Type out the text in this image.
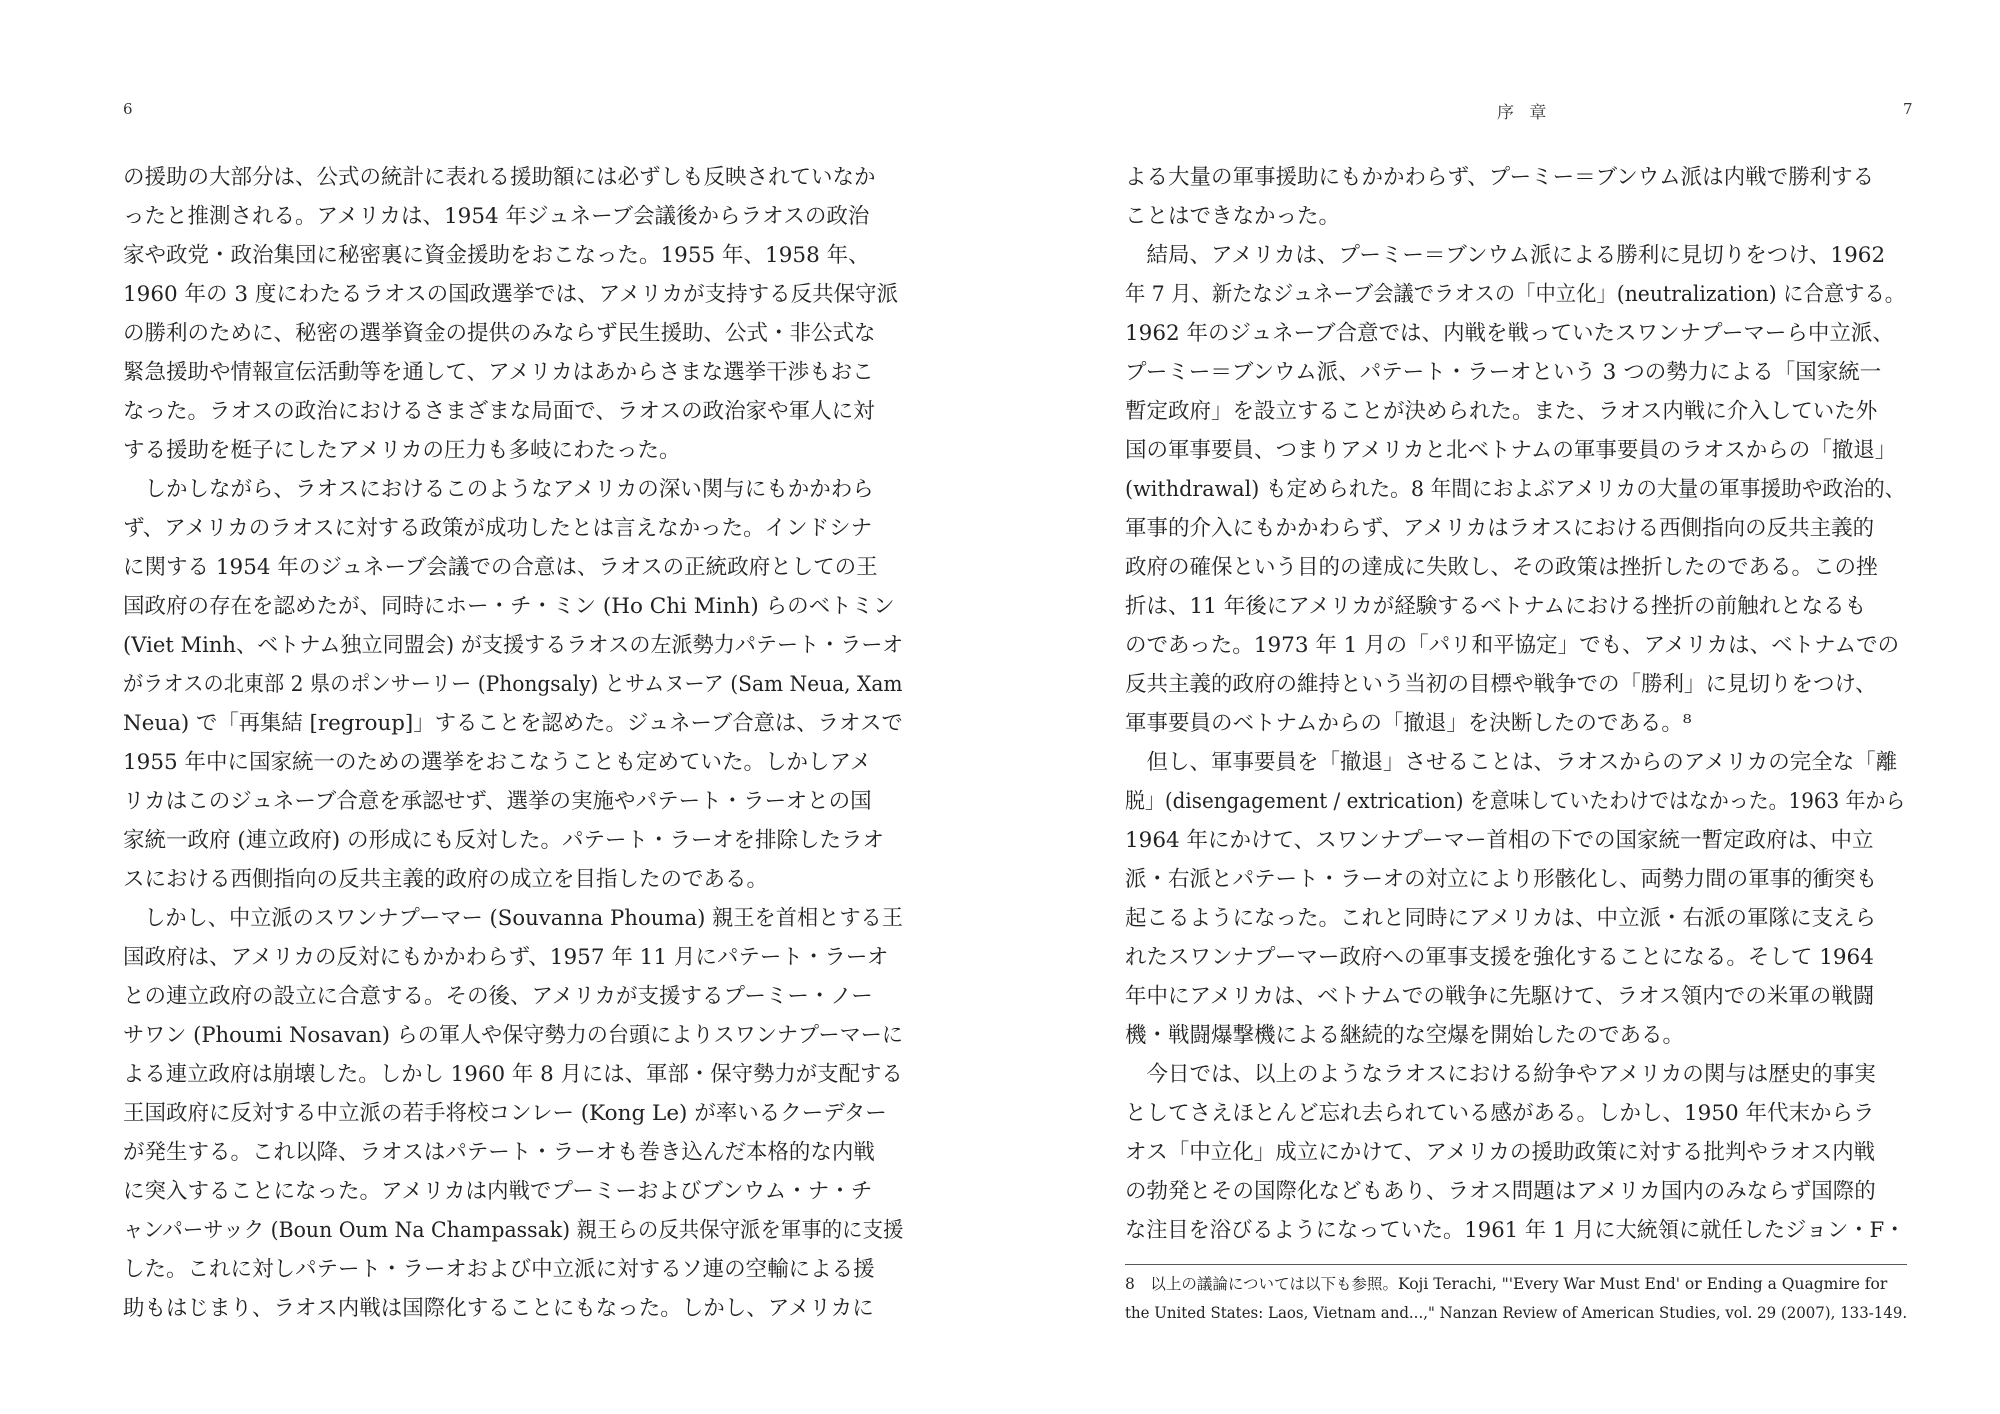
6
の援助の大部分は、公式の統計に表れる援助額には必ずしも反映されていなか
ったと推測される。アメリカは、1954 年ジュネーブ会議後からラオスの政治
家や政党・政治集団に秘密裏に資金援助をおこなった。1955 年、1958 年、
1960 年の 3 度にわたるラオスの国政選挙では、アメリカが支持する反共保守派
の勝利のために、秘密の選挙資金の提供のみならず民生援助、公式・非公式な
緊急援助や情報宣伝活動等を通して、アメリカはあからさまな選挙干渉もおこ
なった。ラオスの政治におけるさまざまな局面で、ラオスの政治家や軍人に対
する援助を梃子にしたアメリカの圧力も多岐にわたった。
　しかしながら、ラオスにおけるこのようなアメリカの深い関与にもかかわら
ず、アメリカのラオスに対する政策が成功したとは言えなかった。インドシナ
に関する 1954 年のジュネーブ会議での合意は、ラオスの正統政府としての王
国政府の存在を認めたが、同時にホー・チ・ミン (Ho Chi Minh) らのベトミン
(Viet Minh、ベトナム独立同盟会) が支援するラオスの左派勢力パテート・ラーオ
がラオスの北東部 2 県のポンサーリー (Phongsaly) とサムヌーア (Sam Neua, Xam
Neua) で「再集結 [regroup]」することを認めた。ジュネーブ合意は、ラオスで
1955 年中に国家統一のための選挙をおこなうことも定めていた。しかしアメ
リカはこのジュネーブ合意を承認せず、選挙の実施やパテート・ラーオとの国
家統一政府 (連立政府) の形成にも反対した。パテート・ラーオを排除したラオ
スにおける西側指向の反共主義的政府の成立を目指したのである。
　しかし、中立派のスワンナプーマー (Souvanna Phouma) 親王を首相とする王
国政府は、アメリカの反対にもかかわらず、1957 年 11 月にパテート・ラーオ
との連立政府の設立に合意する。その後、アメリカが支援するプーミー・ノー
サワン (Phoumi Nosavan) らの軍人や保守勢力の台頭によりスワンナプーマーに
よる連立政府は崩壊した。しかし 1960 年 8 月には、軍部・保守勢力が支配する
王国政府に反対する中立派の若手将校コンレー (Kong Le) が率いるクーデター
が発生する。これ以降、ラオスはパテート・ラーオも巻き込んだ本格的な内戦
に突入することになった。アメリカは内戦でプーミーおよびブンウム・ナ・チ
ャンパーサック (Boun Oum Na Champassak) 親王らの反共保守派を軍事的に支援
した。これに対しパテート・ラーオおよび中立派に対するソ連の空輸による援
助もはじまり、ラオス内戦は国際化することにもなった。しかし、アメリカに
序 章	7
よる大量の軍事援助にもかかわらず、プーミー＝ブンウム派は内戦で勝利する
ことはできなかった。
　結局、アメリカは、プーミー＝ブンウム派による勝利に見切りをつけ、1962
年 7 月、新たなジュネーブ会議でラオスの「中立化」(neutralization) に合意する。
1962 年のジュネーブ合意では、内戦を戦っていたスワンナプーマーら中立派、
プーミー＝ブンウム派、パテート・ラーオという 3 つの勢力による「国家統一
暫定政府」を設立することが決められた。また、ラオス内戦に介入していた外
国の軍事要員、つまりアメリカと北ベトナムの軍事要員のラオスからの「撤退」
(withdrawal) も定められた。8 年間におよぶアメリカの大量の軍事援助や政治的、
軍事的介入にもかかわらず、アメリカはラオスにおける西側指向の反共主義的
政府の確保という目的の達成に失敗し、その政策は挫折したのである。この挫
折は、11 年後にアメリカが経験するベトナムにおける挫折の前触れとなるも
のであった。1973 年 1 月の「パリ和平協定」でも、アメリカは、ベトナムでの
反共主義的政府の維持という当初の目標や戦争での「勝利」に見切りをつけ、
軍事要員のベトナムからの「撤退」を決断したのである。⁸
　但し、軍事要員を「撤退」させることは、ラオスからのアメリカの完全な「離
脱」(disengagement / extrication) を意味していたわけではなかった。1963 年から
1964 年にかけて、スワンナプーマー首相の下での国家統一暫定政府は、中立
派・右派とパテート・ラーオの対立により形骸化し、両勢力間の軍事的衝突も
起こるようになった。これと同時にアメリカは、中立派・右派の軍隊に支えら
れたスワンナプーマー政府への軍事支援を強化することになる。そして 1964
年中にアメリカは、ベトナムでの戦争に先駆けて、ラオス領内での米軍の戦闘
機・戦闘爆撃機による継続的な空爆を開始したのである。
　今日では、以上のようなラオスにおける紛争やアメリカの関与は歴史的事実
としてさえほとんど忘れ去られている感がある。しかし、1950 年代末からラ
オス「中立化」成立にかけて、アメリカの援助政策に対する批判やラオス内戦
の勃発とその国際化などもあり、ラオス問題はアメリカ国内のみならず国際的
な注目を浴びるようになっていた。1961 年 1 月に大統領に就任したジョン・F・
8　以上の議論については以下も参照。Koji Terachi, "'Every War Must End' or Ending a Quagmire for
the United States: Laos, Vietnam and...," Nanzan Review of American Studies, vol. 29 (2007), 133-149.
